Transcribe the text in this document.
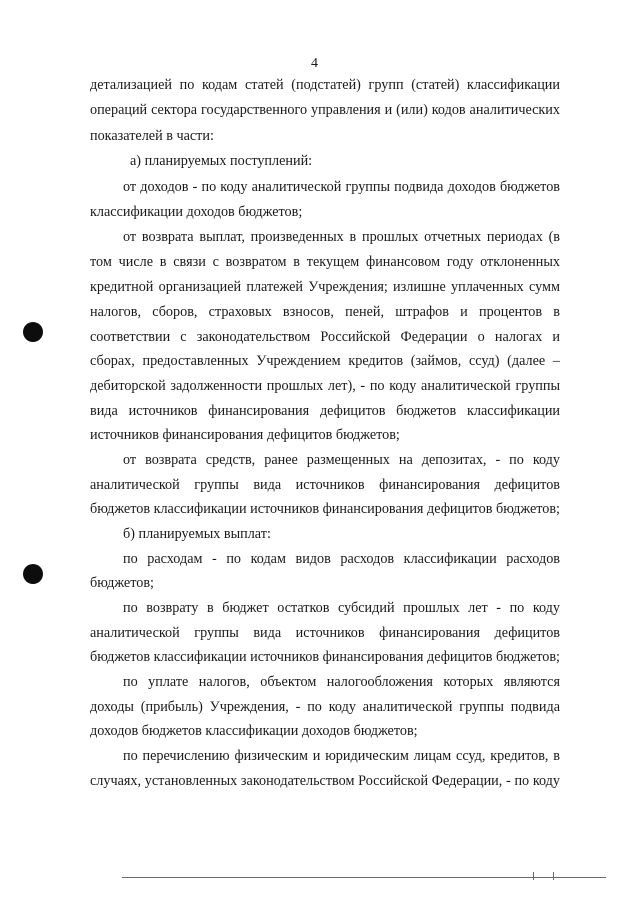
4
детализацией по кодам статей (подстатей) групп (статей) классификации
операций сектора государственного управления и (или) кодов аналитических
показателей в части:
а) планируемых поступлений:
от доходов - по коду аналитической группы подвида доходов бюджетов
классификации доходов бюджетов;
от возврата выплат, произведенных в прошлых отчетных периодах (в
том числе в связи с возвратом в текущем финансовом году отклоненных
кредитной организацией платежей Учреждения; излишне уплаченных сумм
налогов, сборов, страховых взносов, пеней, штрафов и процентов в
соответствии с законодательством Российской Федерации о налогах и
сборах, предоставленных Учреждением кредитов (займов, ссуд) (далее –
дебиторской задолженности прошлых лет), - по коду аналитической группы
вида источников финансирования дефицитов бюджетов классификации
источников финансирования дефицитов бюджетов;
от возврата средств, ранее размещенных на депозитах, - по коду
аналитической группы вида источников финансирования дефицитов
бюджетов классификации источников финансирования дефицитов бюджетов;
б) планируемых выплат:
по расходам - по кодам видов расходов классификации расходов
бюджетов;
по возврату в бюджет остатков субсидий прошлых лет - по коду
аналитической группы вида источников финансирования дефицитов
бюджетов классификации источников финансирования дефицитов бюджетов;
по уплате налогов, объектом налогообложения которых являются
доходы (прибыль) Учреждения, - по коду аналитической группы подвида
доходов бюджетов классификации доходов бюджетов;
по перечислению физическим и юридическим лицам ссуд, кредитов, в
случаях, установленных законодательством Российской Федерации, - по коду
